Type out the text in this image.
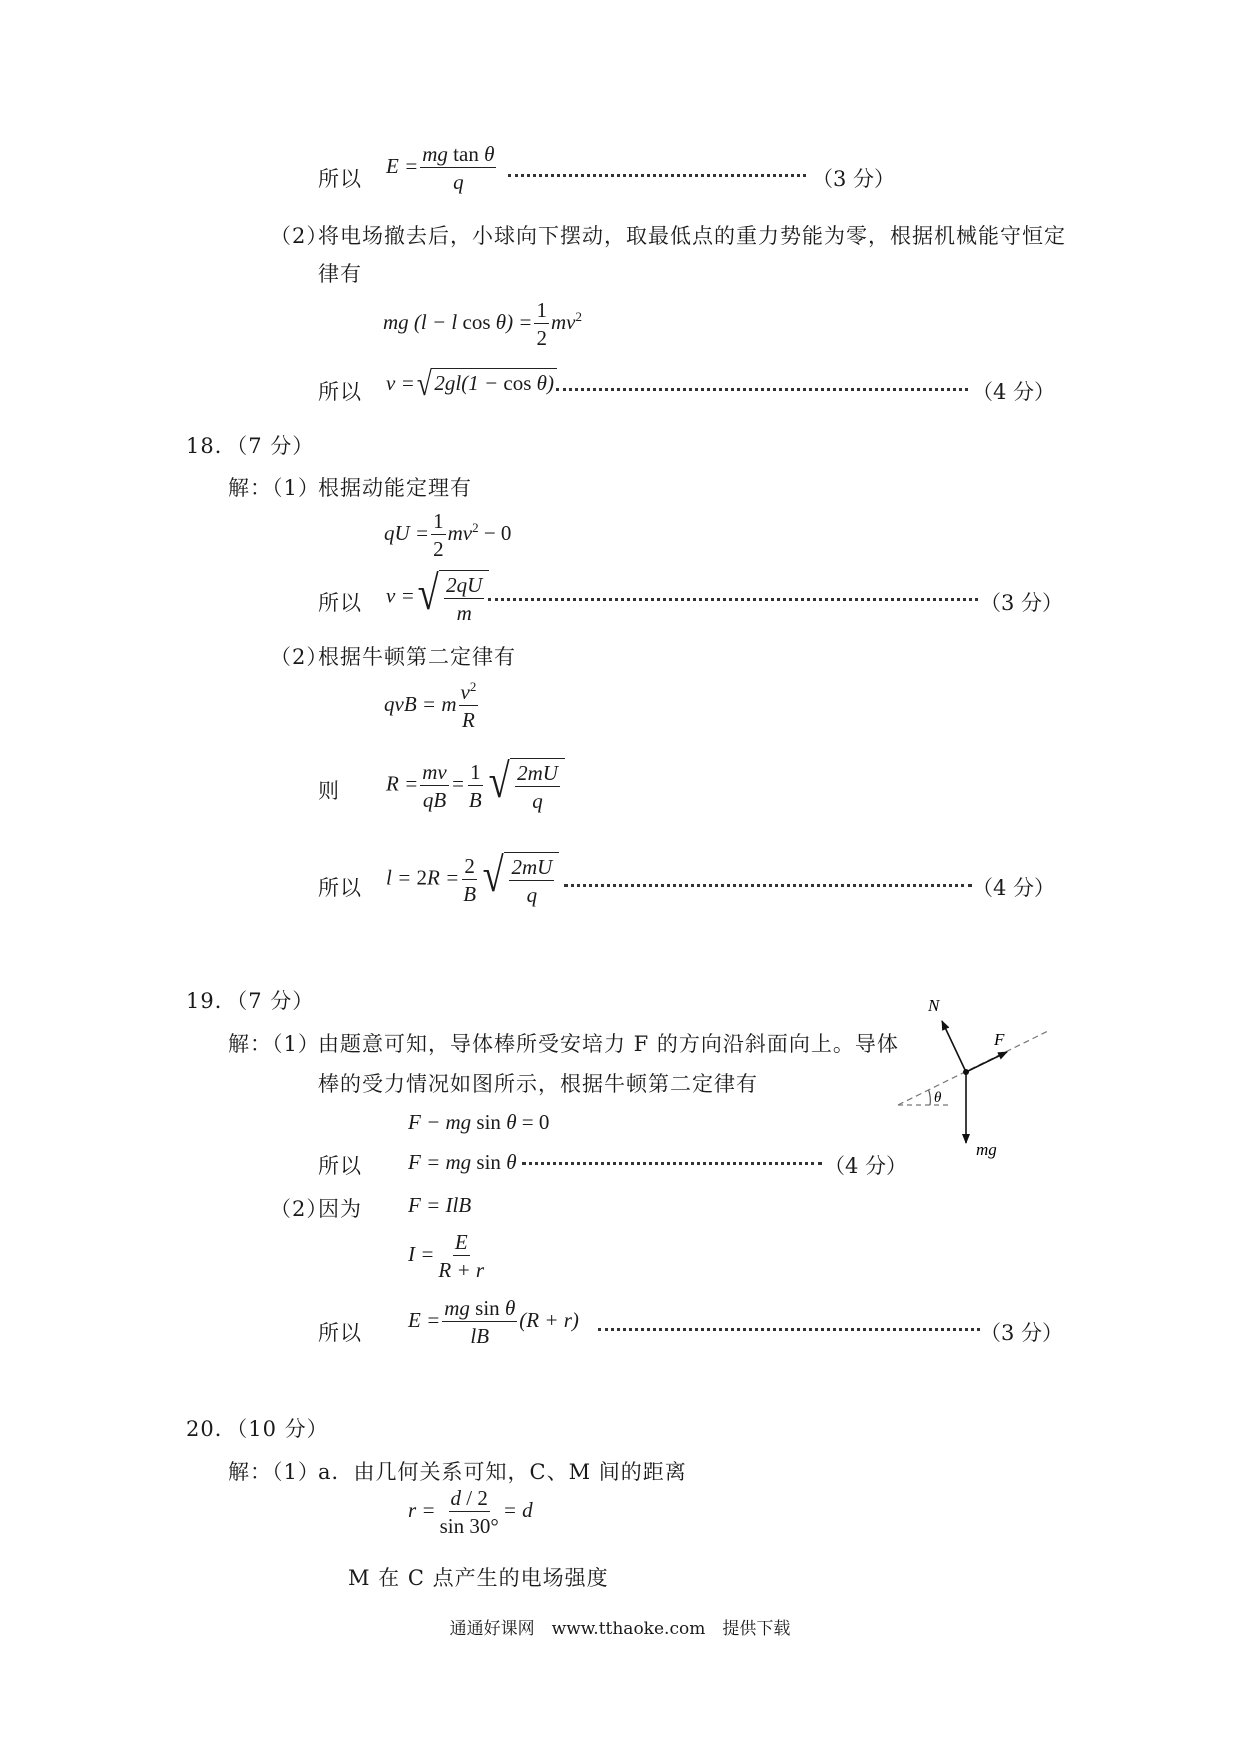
所以
$E = \frac{\text{mg tan θ}}{q}$	（3 分）
（2）
将电场撤去后，小球向下摆动，取最低点的重力势能为零，根据机械能守恒定
律有
mg (l − l $\cos \theta) = \frac{1}{2} mv^2$
所以 v = √ 2gl(1 − cos θ)	（4 分）
18．（7 分）
解：（1）
根据动能定理有
qU = $\frac{1}{2} mv^2 - 0$
所以 v = √ $\frac{2qU}{m}$	（3 分）
（2）
根据牛顿第二定律有
qvB = m $\frac{v^2}{R}$
则 $R = \frac{mv}{qB} = \frac{1}{B}$ √ $\frac{2mU}{q}$
所以 $l = 2R = \frac{2}{B}$ √ $\frac{2mU}{q}$	（4 分）
19．（7 分）
解：（1）
由题意可知，导体棒所受安培力 F 的方向沿斜面向上。导体
棒的受力情况如图所示，根据牛顿第二定律有
F − mg sin θ = 0
所以 F = mg sin θ	（4 分）
（2）
因为 F = IlB
$I = \frac{E}{R + r}$
所以
$E = \frac{\text{mg sin θ}}{lB} (R + r)$
（3 分）
N
F
θ
mg
20．（10 分）
解：（1）
a．由几何关系可知，C、M 间的距离
$r = \frac{d / 2}{\sin 30^\circ} = d$
M 在 C 点产生的电场强度
通通好课网　www.tthaoke.com　提供下载
